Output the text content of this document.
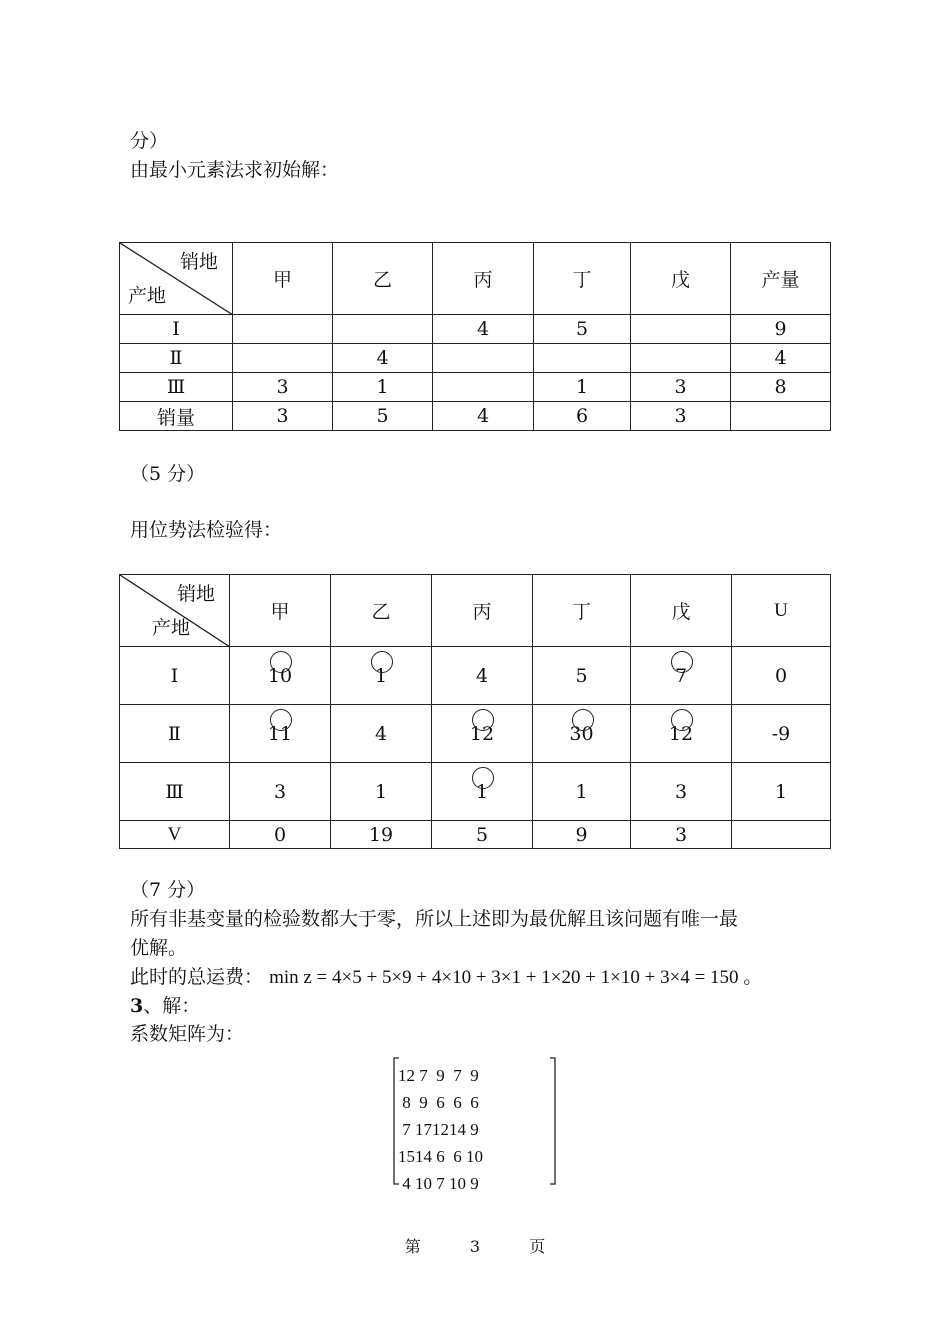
分）
由最小元素法求初始解：
销地
产地	甲	乙	丙	丁	戊	产量
Ⅰ			4	5		9
Ⅱ		4				4
Ⅲ	3	1		1	3	8
销量	3	5	4	6	3	
（5 分）
用位势法检验得：
销地
产地	甲	乙	丙	丁	戊	U
Ⅰ	10	1	4	5	7	0
Ⅱ	11	4	12	30	12	-9
Ⅲ	3	1	1	1	3	1
V	0	19	5	9	3	
（7 分）
所有非基变量的检验数都大于零，所以上述即为最优解且该问题有唯一最
优解。
此时的总运费： min z = 4×5 + 5×9 + 4×10 + 3×1 + 1×20 + 1×10 + 3×4 = 150 。
3、解：
系数矩阵为：
12	7	9	7	9
8	9	6	6	6
7	17	12	14	9
15	14	6	6	10
4	10	7	10	9
第	3	页
